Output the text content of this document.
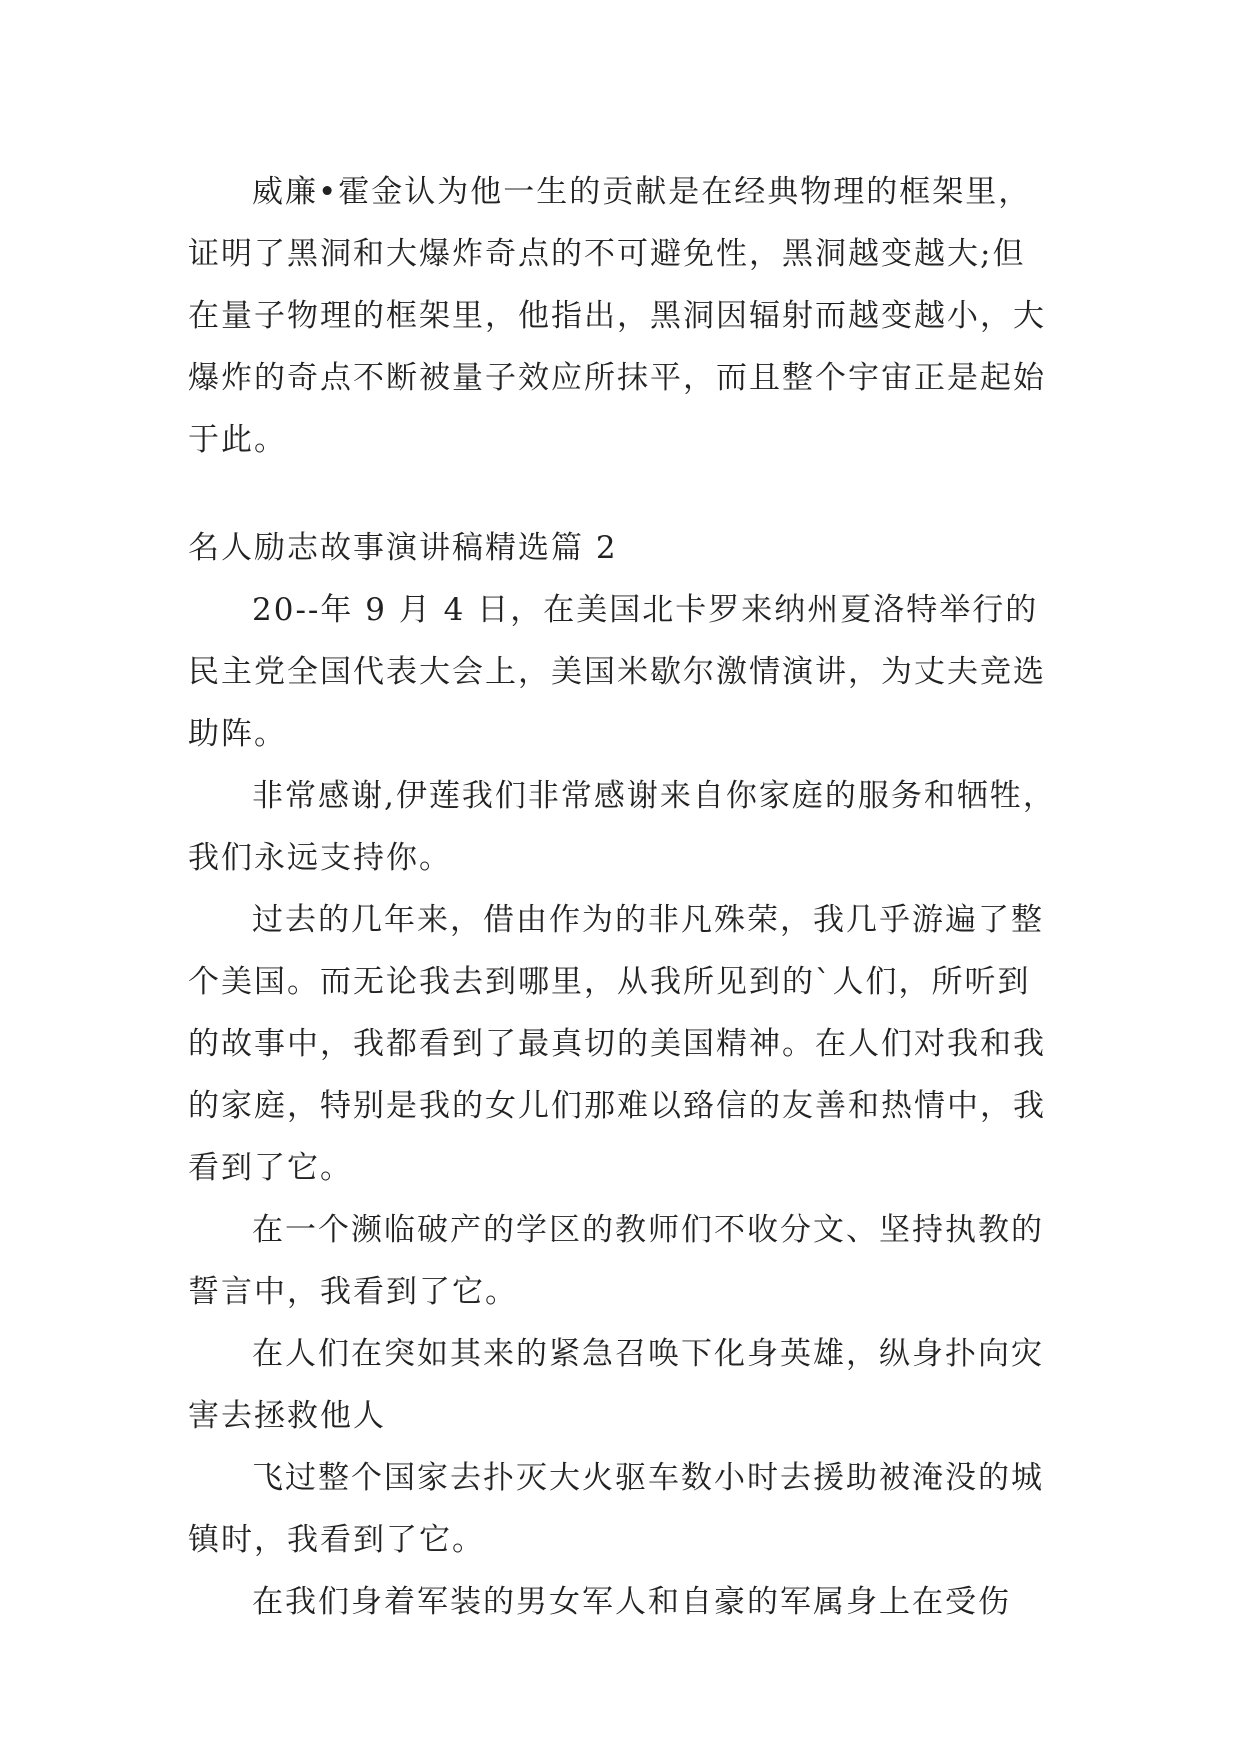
威廉•霍金认为他一生的贡献是在经典物理的框架里，证明了黑洞和大爆炸奇点的不可避免性，黑洞越变越大;但在量子物理的框架里，他指出，黑洞因辐射而越变越小，大爆炸的奇点不断被量子效应所抹平，而且整个宇宙正是起始于此。

名人励志故事演讲稿精选篇 2

20--年 9 月 4 日，在美国北卡罗来纳州夏洛特举行的民主党全国代表大会上，美国米歇尔激情演讲，为丈夫竞选助阵。

非常感谢,伊莲我们非常感谢来自你家庭的服务和牺牲，我们永远支持你。

过去的几年来，借由作为的非凡殊荣，我几乎游遍了整个美国。而无论我去到哪里，从我所见到的`人们，所听到的故事中，我都看到了最真切的美国精神。在人们对我和我的家庭，特别是我的女儿们那难以臵信的友善和热情中，我看到了它。

在一个濒临破产的学区的教师们不收分文、坚持执教的誓言中，我看到了它。

在人们在突如其来的紧急召唤下化身英雄，纵身扑向灾害去拯救他人

飞过整个国家去扑灭大火驱车数小时去援助被淹没的城镇时，我看到了它。

在我们身着军装的男女军人和自豪的军属身上在受伤
